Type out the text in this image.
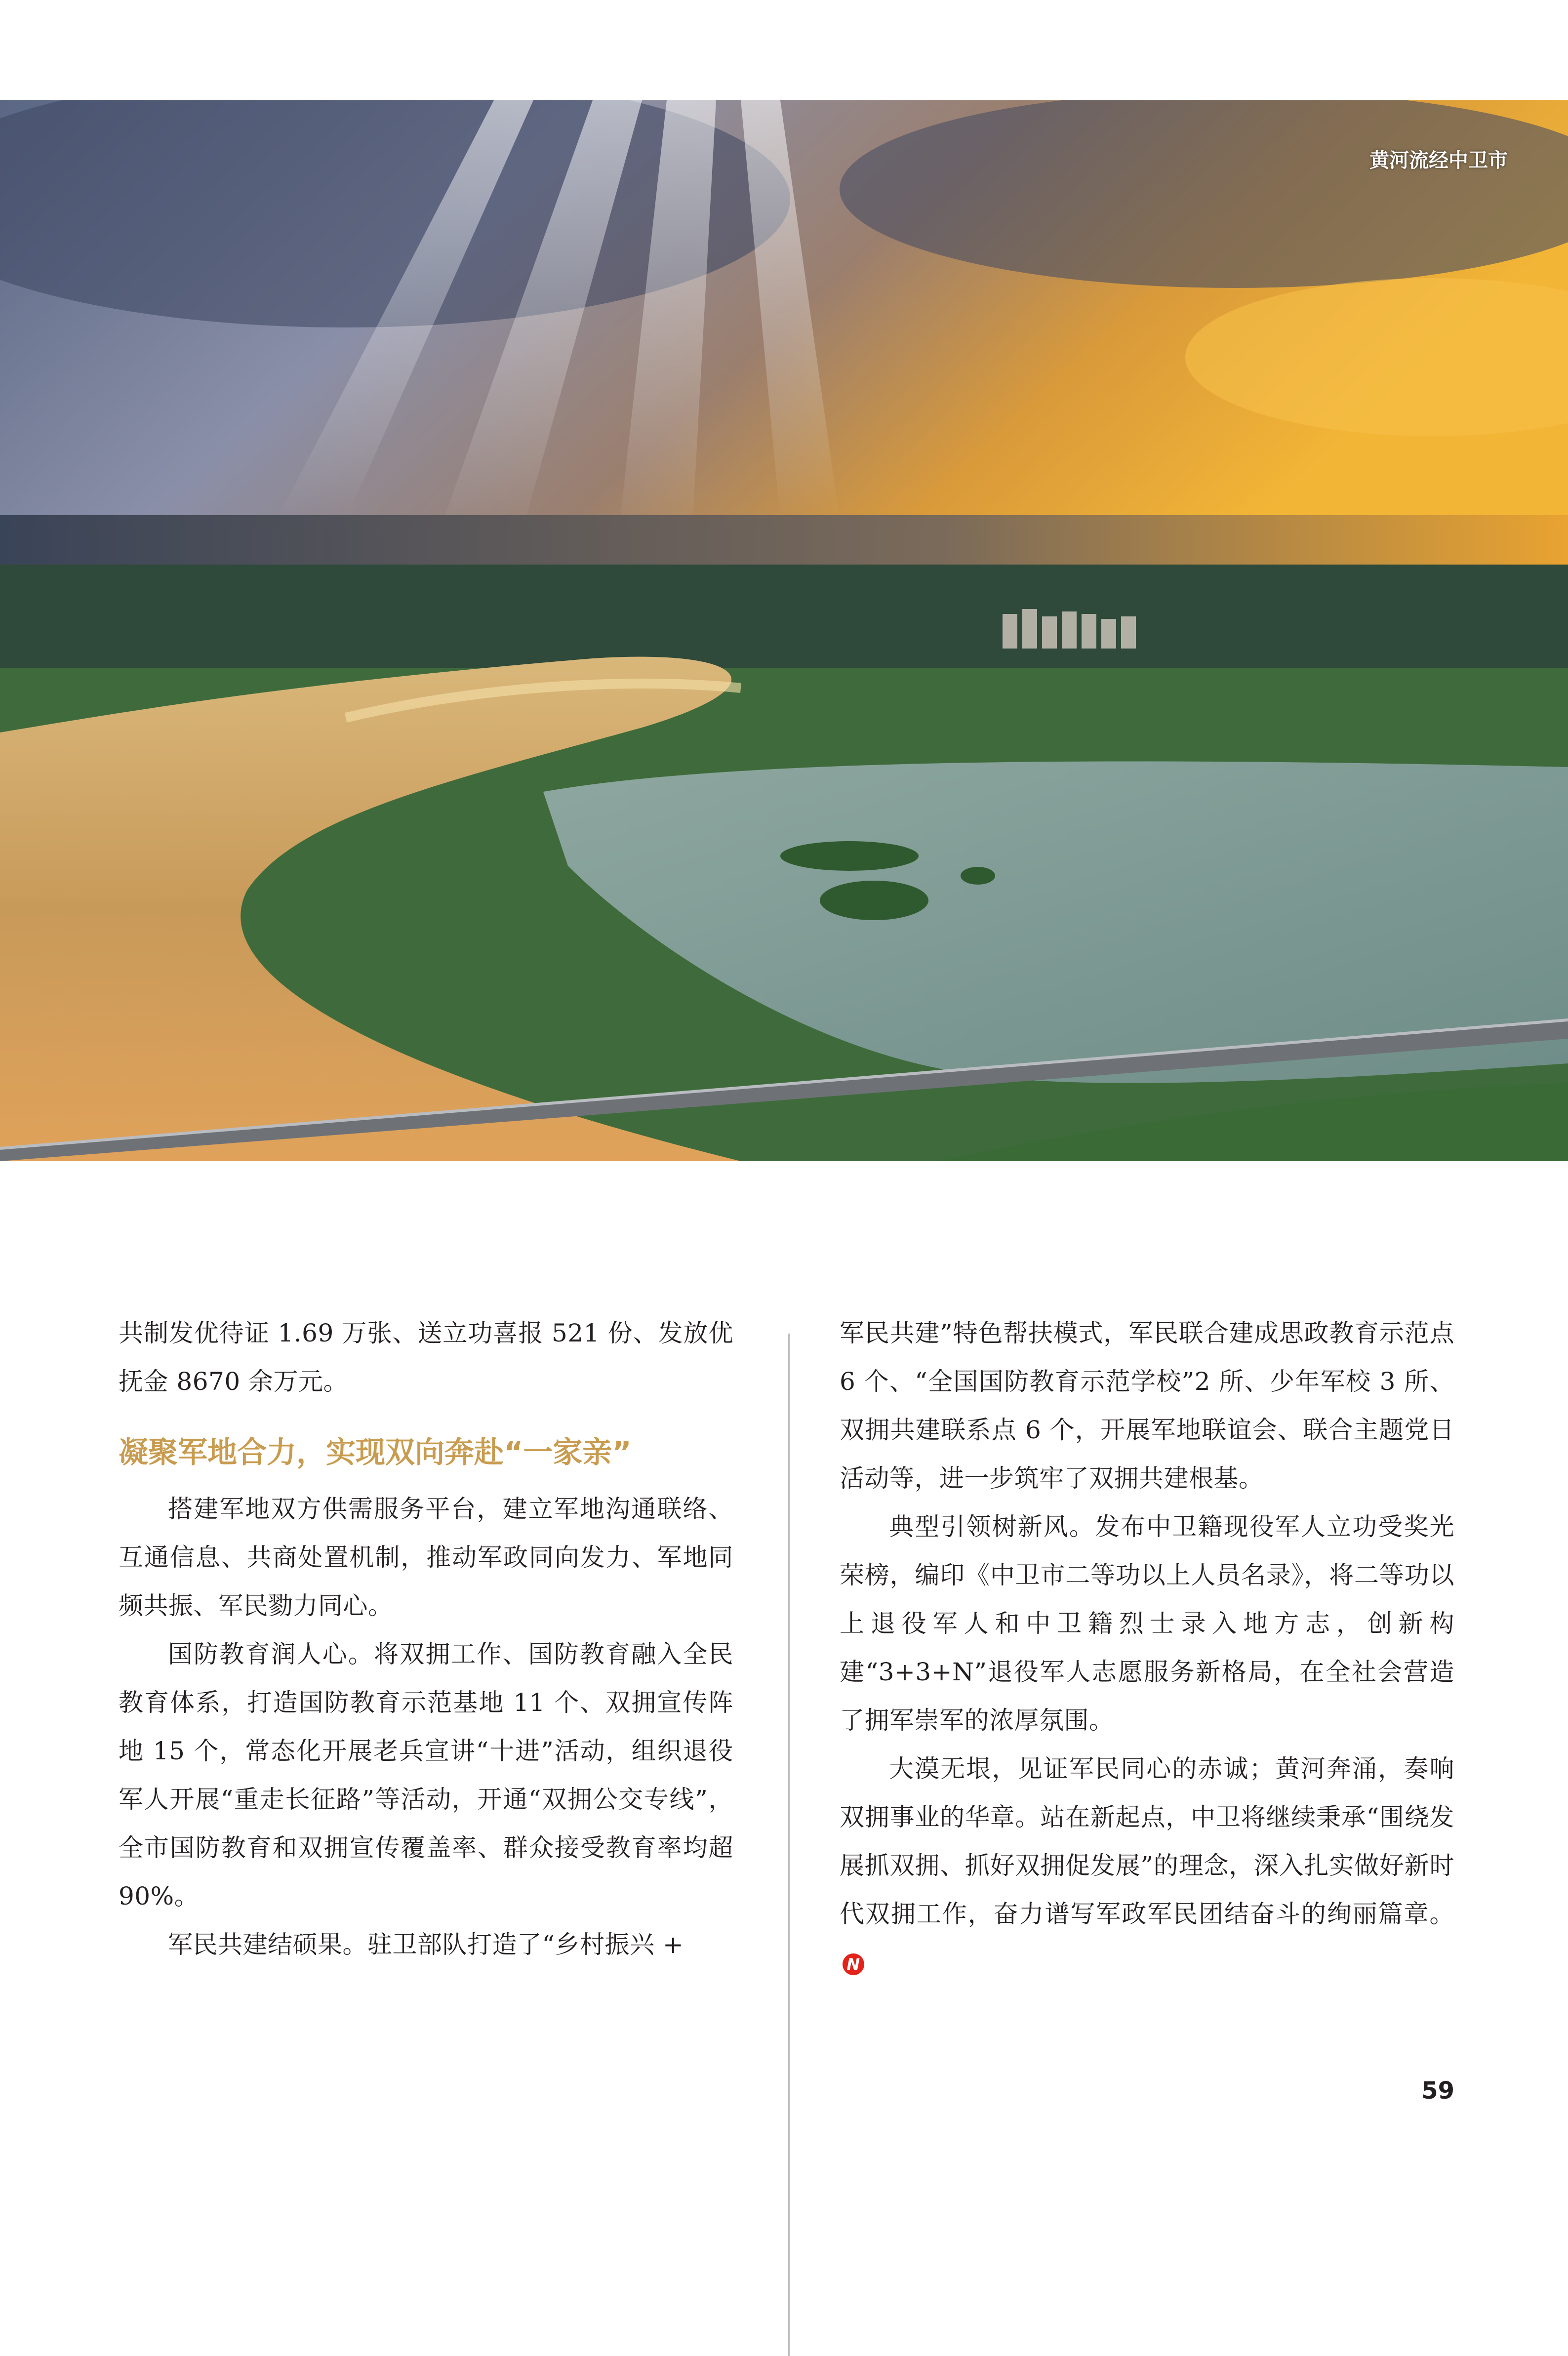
黄河流经中卫市

共制发优待证 1.69 万张、送立功喜报 521 份、发放优抚金 8670 余万元。

凝聚军地合力，实现双向奔赴“一家亲”

搭建军地双方供需服务平台，建立军地沟通联络、互通信息、共商处置机制，推动军政同向发力、军地同频共振、军民勠力同心。

国防教育润人心。将双拥工作、国防教育融入全民教育体系，打造国防教育示范基地 11 个、双拥宣传阵地 15 个，常态化开展老兵宣讲“十进”活动，组织退役军人开展“重走长征路”等活动，开通“双拥公交专线”，全市国防教育和双拥宣传覆盖率、群众接受教育率均超 90%。

军民共建结硕果。驻卫部队打造了“乡村振兴 +

军民共建”特色帮扶模式，军民联合建成思政教育示范点 6 个、“全国国防教育示范学校”2 所、少年军校 3 所、双拥共建联系点 6 个，开展军地联谊会、联合主题党日活动等，进一步筑牢了双拥共建根基。

典型引领树新风。发布中卫籍现役军人立功受奖光荣榜，编印《中卫市二等功以上人员名录》，将二等功以上退役军人和中卫籍烈士录入地方志，创新构建“3+3+N”退役军人志愿服务新格局，在全社会营造了拥军崇军的浓厚氛围。

大漠无垠，见证军民同心的赤诚；黄河奔涌，奏响双拥事业的华章。站在新起点，中卫将继续秉承“围绕发展抓双拥、抓好双拥促发展”的理念，深入扎实做好新时代双拥工作，奋力谱写军政军民团结奋斗的绚丽篇章。N

59
